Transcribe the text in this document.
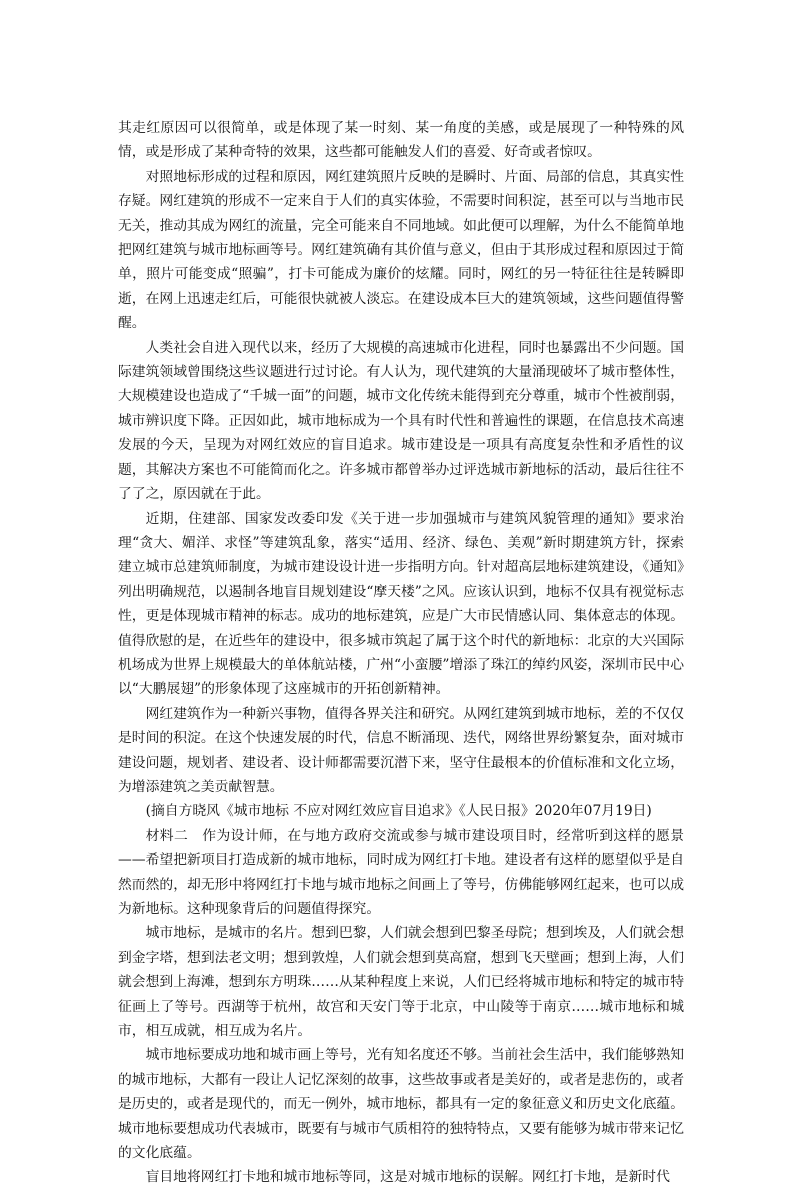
其走红原因可以很简单，或是体现了某一时刻、某一角度的美感，或是展现了一种特殊的风情，或是形成了某种奇特的效果，这些都可能触发人们的喜爱、好奇或者惊叹。

对照地标形成的过程和原因，网红建筑照片反映的是瞬时、片面、局部的信息，其真实性存疑。网红建筑的形成不一定来自于人们的真实体验，不需要时间积淀，甚至可以与当地市民无关，推动其成为网红的流量，完全可能来自不同地域。如此便可以理解，为什么不能简单地把网红建筑与城市地标画等号。网红建筑确有其价值与意义，但由于其形成过程和原因过于简单，照片可能变成“照骗”，打卡可能成为廉价的炫耀。同时，网红的另一特征往往是转瞬即逝，在网上迅速走红后，可能很快就被人淡忘。在建设成本巨大的建筑领域，这些问题值得警醒。

人类社会自进入现代以来，经历了大规模的高速城市化进程，同时也暴露出不少问题。国际建筑领域曾围绕这些议题进行过讨论。有人认为，现代建筑的大量涌现破坏了城市整体性，大规模建设也造成了“千城一面”的问题，城市文化传统未能得到充分尊重，城市个性被削弱，城市辨识度下降。正因如此，城市地标成为一个具有时代性和普遍性的课题，在信息技术高速发展的今天，呈现为对网红效应的盲目追求。城市建设是一项具有高度复杂性和矛盾性的议题，其解决方案也不可能简而化之。许多城市都曾举办过评选城市新地标的活动，最后往往不了了之，原因就在于此。

近期，住建部、国家发改委印发《关于进一步加强城市与建筑风貌管理的通知》要求治理“贪大、媚洋、求怪”等建筑乱象，落实“适用、经济、绿色、美观”新时期建筑方针，探索建立城市总建筑师制度，为城市建设设计进一步指明方向。针对超高层地标建筑建设，《通知》列出明确规范，以遏制各地盲目规划建设“摩天楼”之风。应该认识到，地标不仅具有视觉标志性，更是体现城市精神的标志。成功的地标建筑，应是广大市民情感认同、集体意志的体现。值得欣慰的是，在近些年的建设中，很多城市筑起了属于这个时代的新地标：北京的大兴国际机场成为世界上规模最大的单体航站楼，广州“小蛮腰”增添了珠江的绰约风姿，深圳市民中心以“大鹏展翅”的形象体现了这座城市的开拓创新精神。

网红建筑作为一种新兴事物，值得各界关注和研究。从网红建筑到城市地标，差的不仅仅是时间的积淀。在这个快速发展的时代，信息不断涌现、迭代，网络世界纷繁复杂，面对城市建设问题，规划者、建设者、设计师都需要沉潜下来，坚守住最根本的价值标准和文化立场，为增添建筑之美贡献智慧。

(摘自方晓风《城市地标 不应对网红效应盲目追求》《人民日报》2020年07月19日)

材料二　作为设计师，在与地方政府交流或参与城市建设项目时，经常听到这样的愿景——希望把新项目打造成新的城市地标，同时成为网红打卡地。建设者有这样的愿望似乎是自然而然的，却无形中将网红打卡地与城市地标之间画上了等号，仿佛能够网红起来，也可以成为新地标。这种现象背后的问题值得探究。

城市地标，是城市的名片。想到巴黎，人们就会想到巴黎圣母院；想到埃及，人们就会想到金字塔，想到法老文明；想到敦煌，人们就会想到莫高窟，想到飞天壁画；想到上海，人们就会想到上海滩，想到东方明珠……从某种程度上来说，人们已经将城市地标和特定的城市特征画上了等号。西湖等于杭州，故宫和天安门等于北京，中山陵等于南京……城市地标和城市，相互成就，相互成为名片。

城市地标要成功地和城市画上等号，光有知名度还不够。当前社会生活中，我们能够熟知的城市地标，大都有一段让人记忆深刻的故事，这些故事或者是美好的，或者是悲伤的，或者是历史的，或者是现代的，而无一例外，城市地标，都具有一定的象征意义和历史文化底蕴。城市地标要想成功代表城市，既要有与城市气质相符的独特特点，又要有能够为城市带来记忆的文化底蕴。

盲目地将网红打卡地和城市地标等同，这是对城市地标的误解。网红打卡地，是新时代
